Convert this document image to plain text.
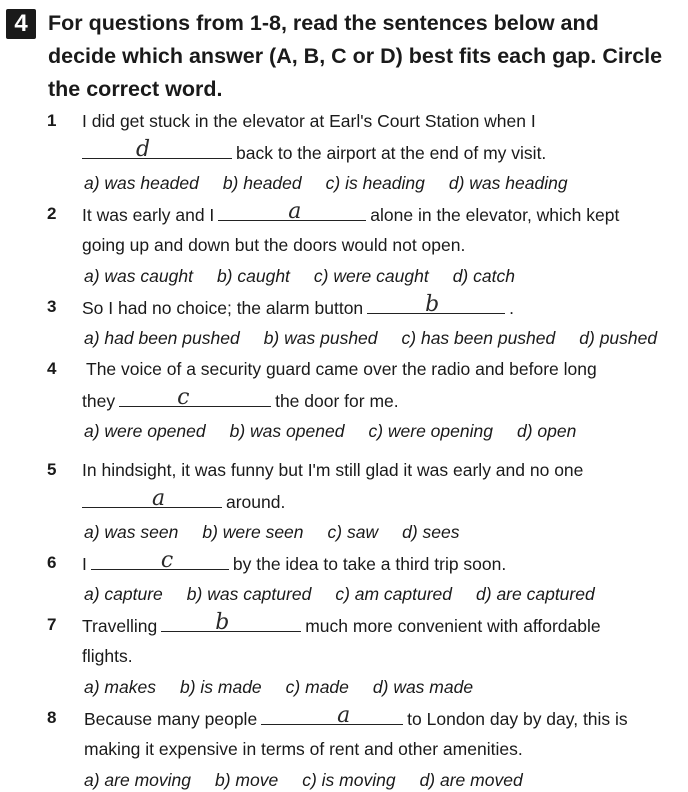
4 For questions from 1-8, read the sentences below and
decide which answer (A, B, C or D) best fits each gap. Circle
the correct word.
1 I did get stuck in the elevator at Earl's Court Station when I
d	back to the airport at the end of my visit.
a) was headed b) headed c) is heading d) was heading
2 It was early and I	a	alone in the elevator, which kept
going up and down but the doors would not open.
a) was caught b) caught c) were caught d) catch
3 So I had no choice; the alarm button	b	.
a) had been pushed b) was pushed c) has been pushed d) pushed
4 The voice of a security guard came over the radio and before long
they	c	the door for me.
a) were opened b) was opened c) were opening d) open
5 In hindsight, it was funny but I'm still glad it was early and no one
a	around.
a) was seen b) were seen c) saw d) sees
6 I	c	by the idea to take a third trip soon.
a) capture b) was captured c) am captured d) are captured
7 Travelling	b	much more convenient with affordable
flights.
a) makes b) is made c) made d) was made
8 Because many people	a	to London day by day, this is
making it expensive in terms of rent and other amenities.
a) are moving b) move c) is moving d) are moved
